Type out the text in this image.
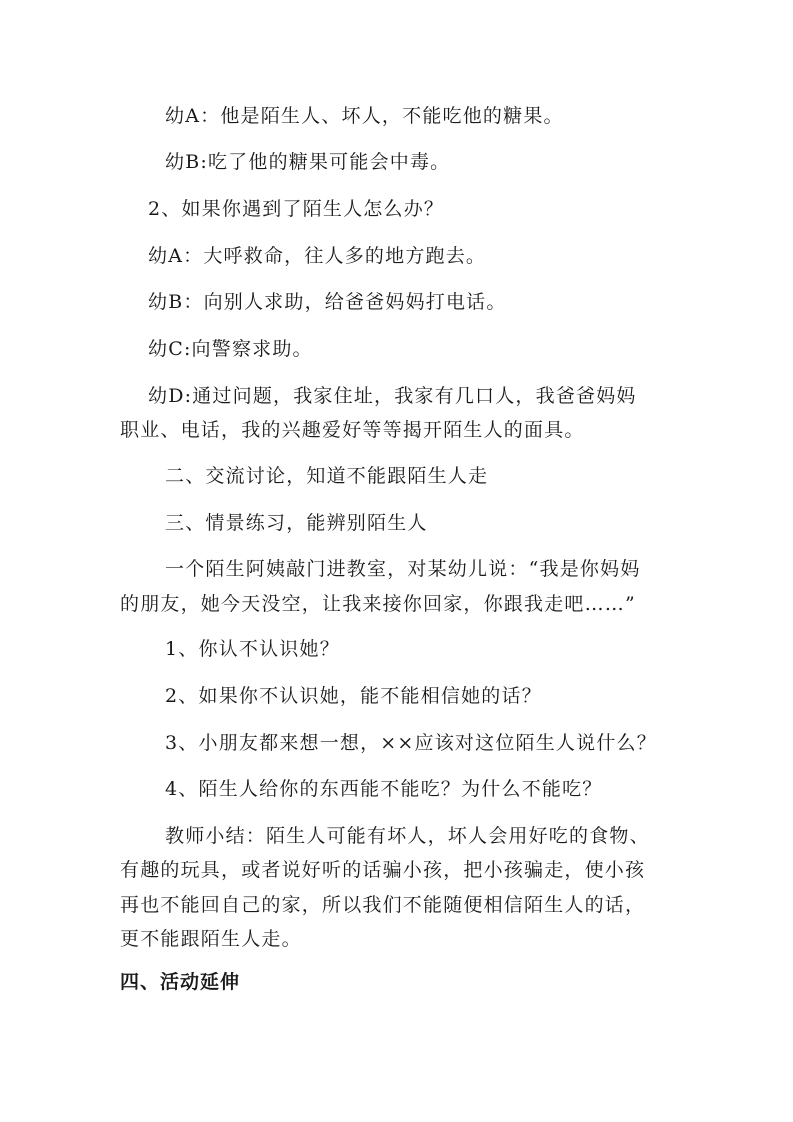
幼A：他是陌生人、坏人，不能吃他的糖果。
幼B:吃了他的糖果可能会中毒。
2、如果你遇到了陌生人怎么办？
幼A：大呼救命，往人多的地方跑去。
幼B：向别人求助，给爸爸妈妈打电话。
幼C:向警察求助。
幼D:通过问题，我家住址，我家有几口人，我爸爸妈妈
职业、电话，我的兴趣爱好等等揭开陌生人的面具。
二、交流讨论，知道不能跟陌生人走
三、情景练习，能辨别陌生人
一个陌生阿姨敲门进教室，对某幼儿说：“我是你妈妈
的朋友，她今天没空，让我来接你回家，你跟我走吧……”
1、你认不认识她？
2、如果你不认识她，能不能相信她的话？
3、小朋友都来想一想，××应该对这位陌生人说什么？
4、陌生人给你的东西能不能吃？为什么不能吃？
教师小结：陌生人可能有坏人，坏人会用好吃的食物、
有趣的玩具，或者说好听的话骗小孩，把小孩骗走，使小孩
再也不能回自己的家，所以我们不能随便相信陌生人的话，
更不能跟陌生人走。
四、活动延伸
